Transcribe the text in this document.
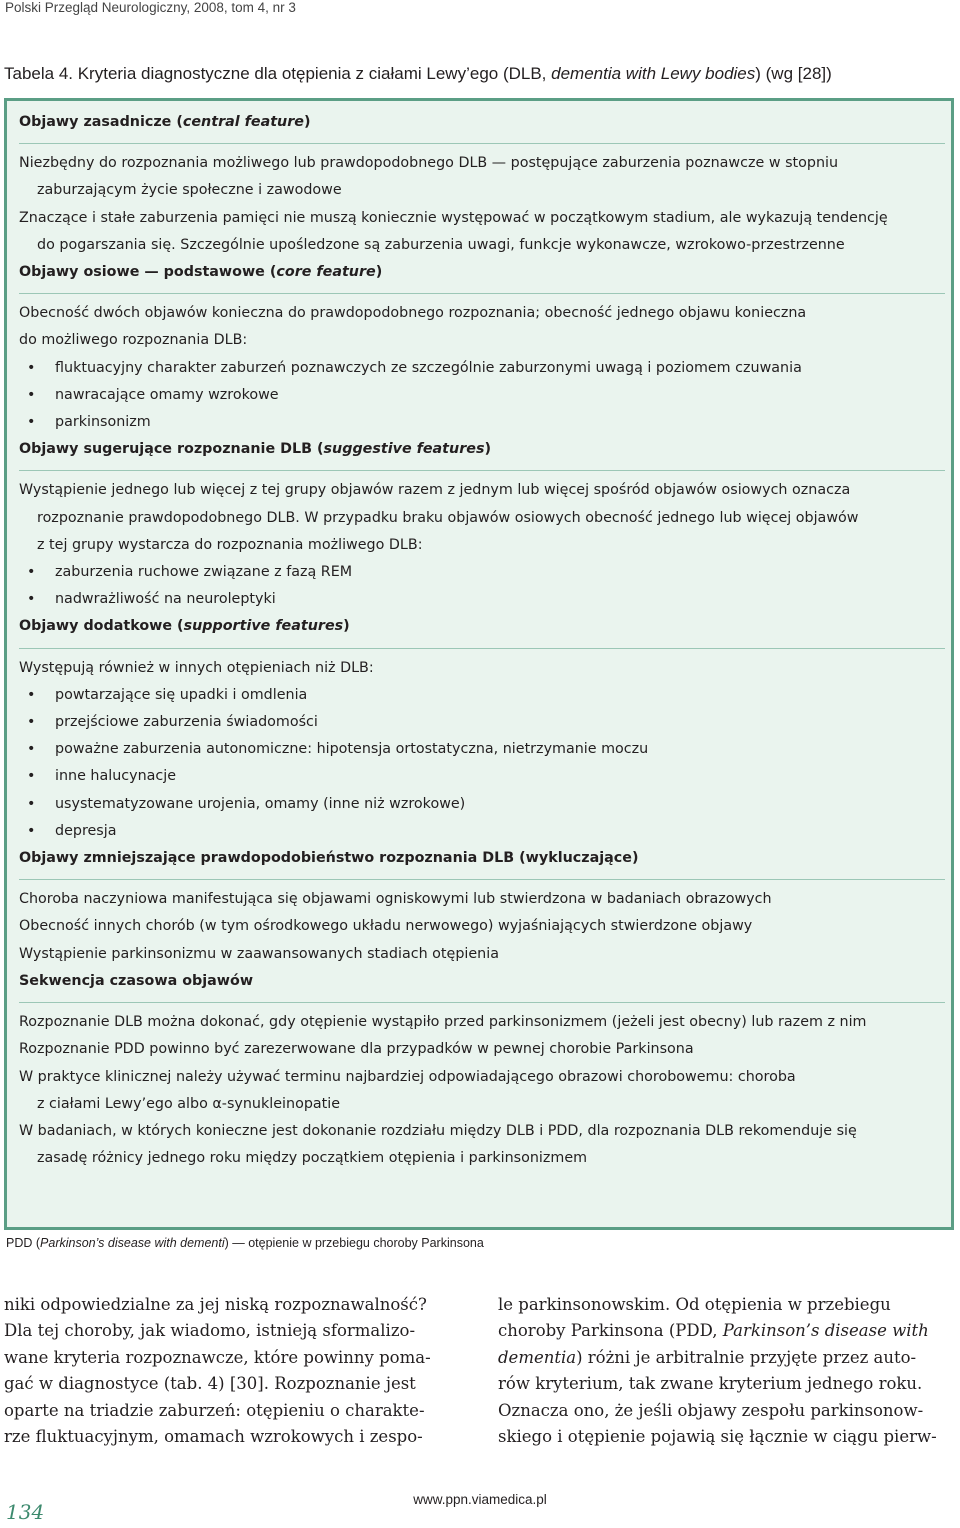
Polski Przegląd Neurologiczny, 2008, tom 4, nr 3
Tabela 4. Kryteria diagnostyczne dla otępienia z ciałami Lewy’ego (DLB, dementia with Lewy bodies) (wg [28])
Objawy zasadnicze (central feature)
Niezbędny do rozpoznania możliwego lub prawdopodobnego DLB — postępujące zaburzenia poznawcze w stopniu
zaburzającym życie społeczne i zawodowe
Znaczące i stałe zaburzenia pamięci nie muszą koniecznie występować w początkowym stadium, ale wykazują tendencję
do pogarszania się. Szczególnie upośledzone są zaburzenia uwagi, funkcje wykonawcze, wzrokowo-przestrzenne
Objawy osiowe — podstawowe (core feature)
Obecność dwóch objawów konieczna do prawdopodobnego rozpoznania; obecność jednego objawu konieczna
do możliwego rozpoznania DLB:
• fluktuacyjny charakter zaburzeń poznawczych ze szczególnie zaburzonymi uwagą i poziomem czuwania
• nawracające omamy wzrokowe
• parkinsonizm
Objawy sugerujące rozpoznanie DLB (suggestive features)
Wystąpienie jednego lub więcej z tej grupy objawów razem z jednym lub więcej spośród objawów osiowych oznacza
rozpoznanie prawdopodobnego DLB. W przypadku braku objawów osiowych obecność jednego lub więcej objawów
z tej grupy wystarcza do rozpoznania możliwego DLB:
• zaburzenia ruchowe związane z fazą REM
• nadwrażliwość na neuroleptyki
Objawy dodatkowe (supportive features)
Występują również w innych otępieniach niż DLB:
• powtarzające się upadki i omdlenia
• przejściowe zaburzenia świadomości
• poważne zaburzenia autonomiczne: hipotensja ortostatyczna, nietrzymanie moczu
• inne halucynacje
• usystematyzowane urojenia, omamy (inne niż wzrokowe)
• depresja
Objawy zmniejszające prawdopodobieństwo rozpoznania DLB (wykluczające)
Choroba naczyniowa manifestująca się objawami ogniskowymi lub stwierdzona w badaniach obrazowych
Obecność innych chorób (w tym ośrodkowego układu nerwowego) wyjaśniających stwierdzone objawy
Wystąpienie parkinsonizmu w zaawansowanych stadiach otępienia
Sekwencja czasowa objawów
Rozpoznanie DLB można dokonać, gdy otępienie wystąpiło przed parkinsonizmem (jeżeli jest obecny) lub razem z nim
Rozpoznanie PDD powinno być zarezerwowane dla przypadków w pewnej chorobie Parkinsona
W praktyce klinicznej należy używać terminu najbardziej odpowiadającego obrazowi chorobowemu: choroba
z ciałami Lewy’ego albo α-synukleinopatie
W badaniach, w których konieczne jest dokonanie rozdziału między DLB i PDD, dla rozpoznania DLB rekomenduje się
zasadę różnicy jednego roku między początkiem otępienia i parkinsonizmem
PDD (Parkinson’s disease with dementi) — otępienie w przebiegu choroby Parkinsona
niki odpowiedzialne za jej niską rozpoznawalność?
Dla tej choroby, jak wiadomo, istnieją sformalizo-
wane kryteria rozpoznawcze, które powinny poma-
gać w diagnostyce (tab. 4) [30]. Rozpoznanie jest
oparte na triadzie zaburzeń: otępieniu o charakte-
rze fluktuacyjnym, omamach wzrokowych i zespo-
le parkinsonowskim. Od otępienia w przebiegu
choroby Parkinsona (PDD, Parkinson’s disease with
dementia) różni je arbitralnie przyjęte przez auto-
rów kryterium, tak zwane kryterium jednego roku.
Oznacza ono, że jeśli objawy zespołu parkinsonow-
skiego i otępienie pojawią się łącznie w ciągu pierw-
134
www.ppn.viamedica.pl
